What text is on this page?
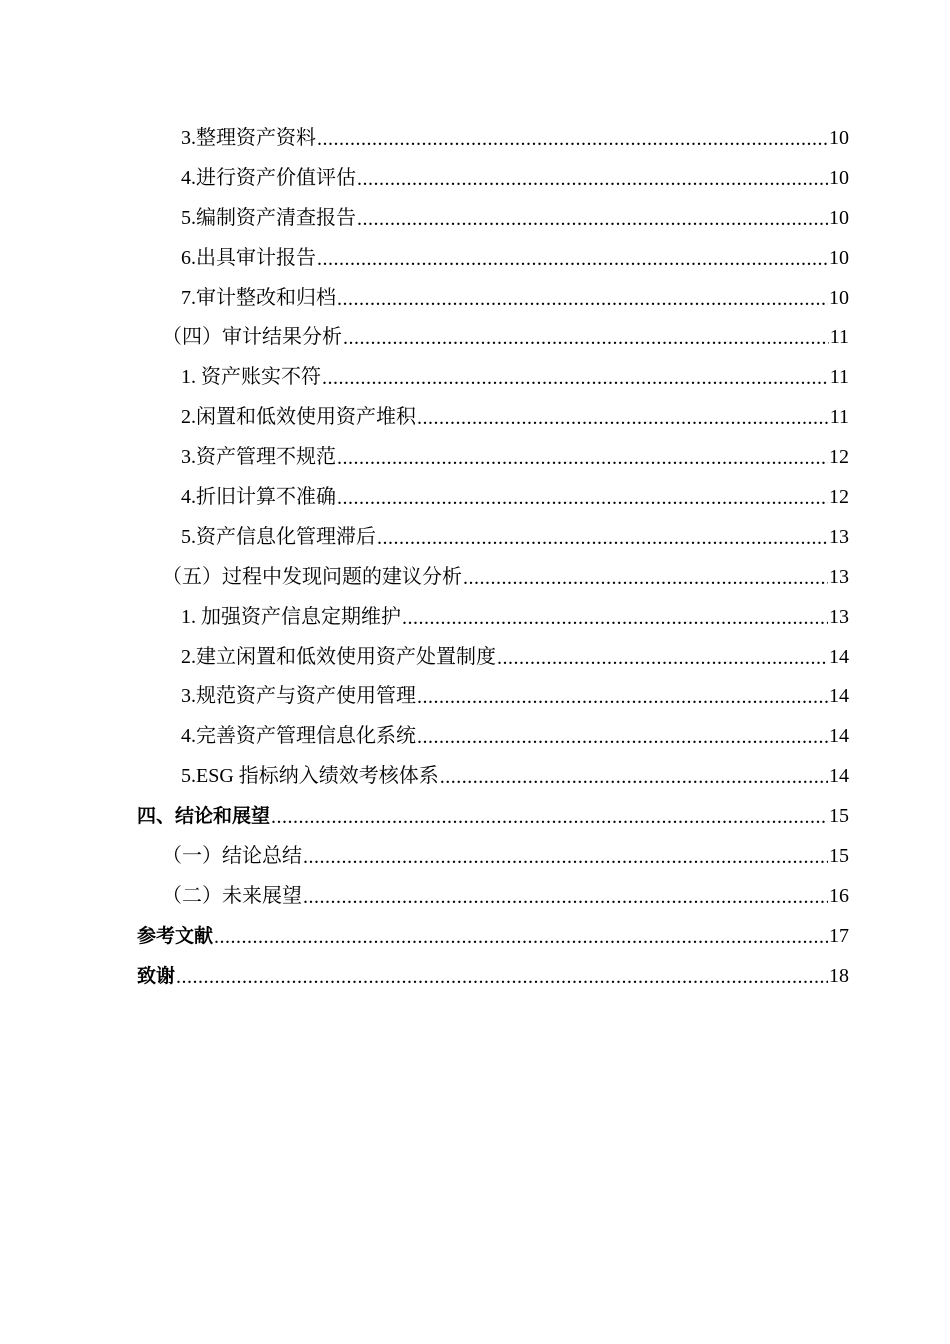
3.整理资产资料 .....	10
4.进行资产价值评估 .....	10
5.编制资产清查报告 .....	10
6.出具审计报告 .....	10
7.审计整改和归档 .....	10
（四）审计结果分析 .....	11
1. 资产账实不符 .....	11
2.闲置和低效使用资产堆积 .....	11
3.资产管理不规范 .....	12
4.折旧计算不准确 .....	12
5.资产信息化管理滞后 .....	13
（五）过程中发现问题的建议分析 .....	13
1. 加强资产信息定期维护 .....	13
2.建立闲置和低效使用资产处置制度 .....	14
3.规范资产与资产使用管理 .....	14
4.完善资产管理信息化系统 .....	14
5.ESG 指标纳入绩效考核体系 .....	14
四、结论和展望 .....	15
（一）结论总结 .....	15
（二）未来展望 .....	16
参考文献 .....	17
致谢 .....	18
